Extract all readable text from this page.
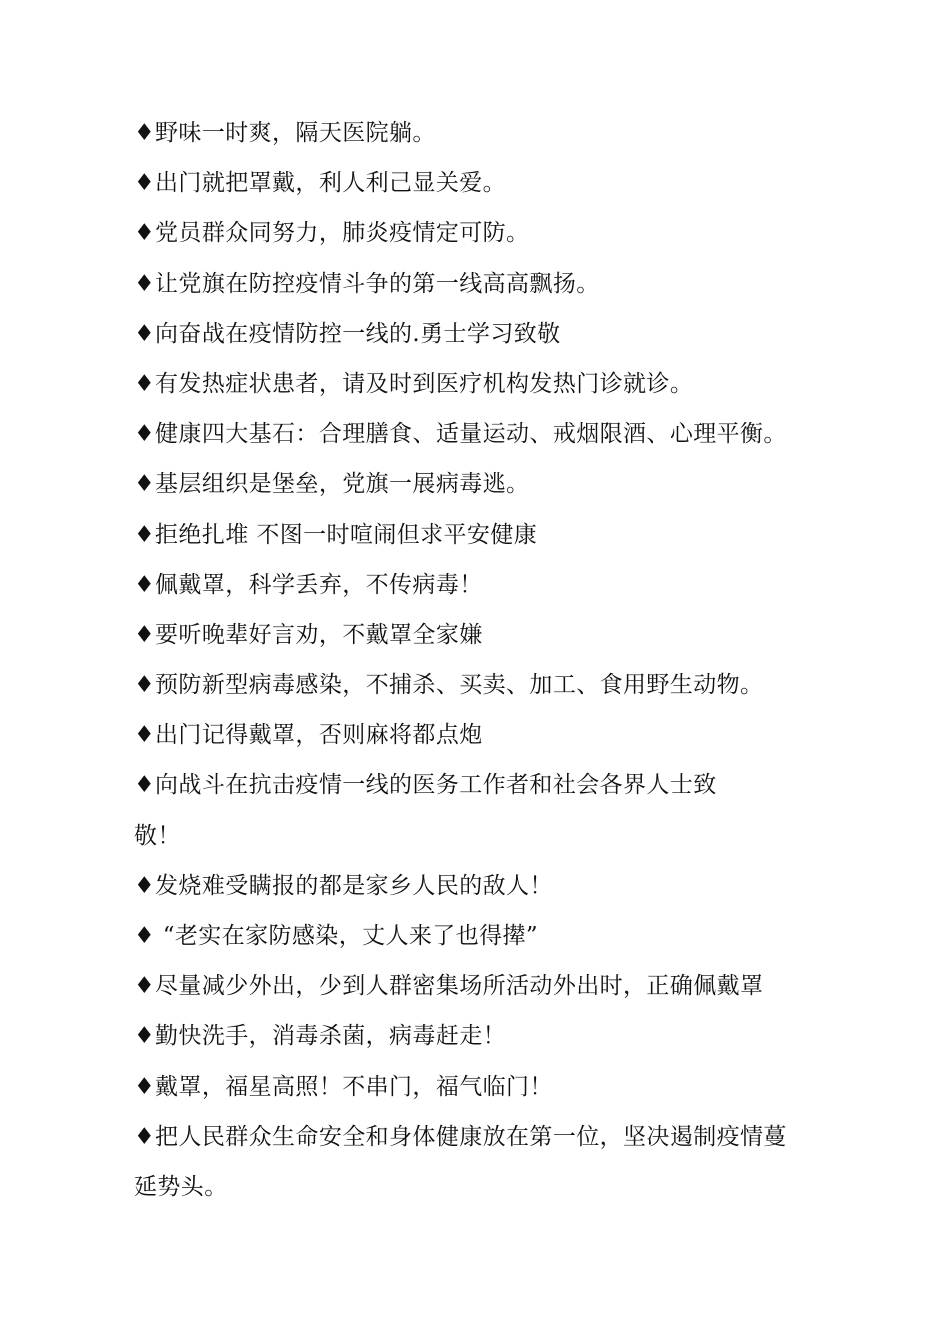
♦野味一时爽，隔天医院躺。
♦出门就把罩戴，利人利己显关爱。
♦党员群众同努力，肺炎疫情定可防。
♦让党旗在防控疫情斗争的第一线高高飘扬。
♦向奋战在疫情防控一线的.勇士学习致敬
♦有发热症状患者，请及时到医疗机构发热门诊就诊。
♦健康四大基石：合理膳食、适量运动、戒烟限酒、心理平衡。
♦基层组织是堡垒，党旗一展病毒逃。
♦拒绝扎堆 不图一时喧闹但求平安健康
♦佩戴罩，科学丢弃，不传病毒！
♦要听晚辈好言劝，不戴罩全家嫌
♦预防新型病毒感染，不捕杀、买卖、加工、食用野生动物。
♦出门记得戴罩，否则麻将都点炮
♦向战斗在抗击疫情一线的医务工作者和社会各界人士致
敬！
♦发烧难受瞒报的都是家乡人民的敌人！
♦ “老实在家防感染，丈人来了也得撵”
♦尽量减少外出，少到人群密集场所活动外出时，正确佩戴罩
♦勤快洗手，消毒杀菌，病毒赶走！
♦戴罩，福星高照！不串门，福气临门！
♦把人民群众生命安全和身体健康放在第一位，坚决遏制疫情蔓
延势头。
